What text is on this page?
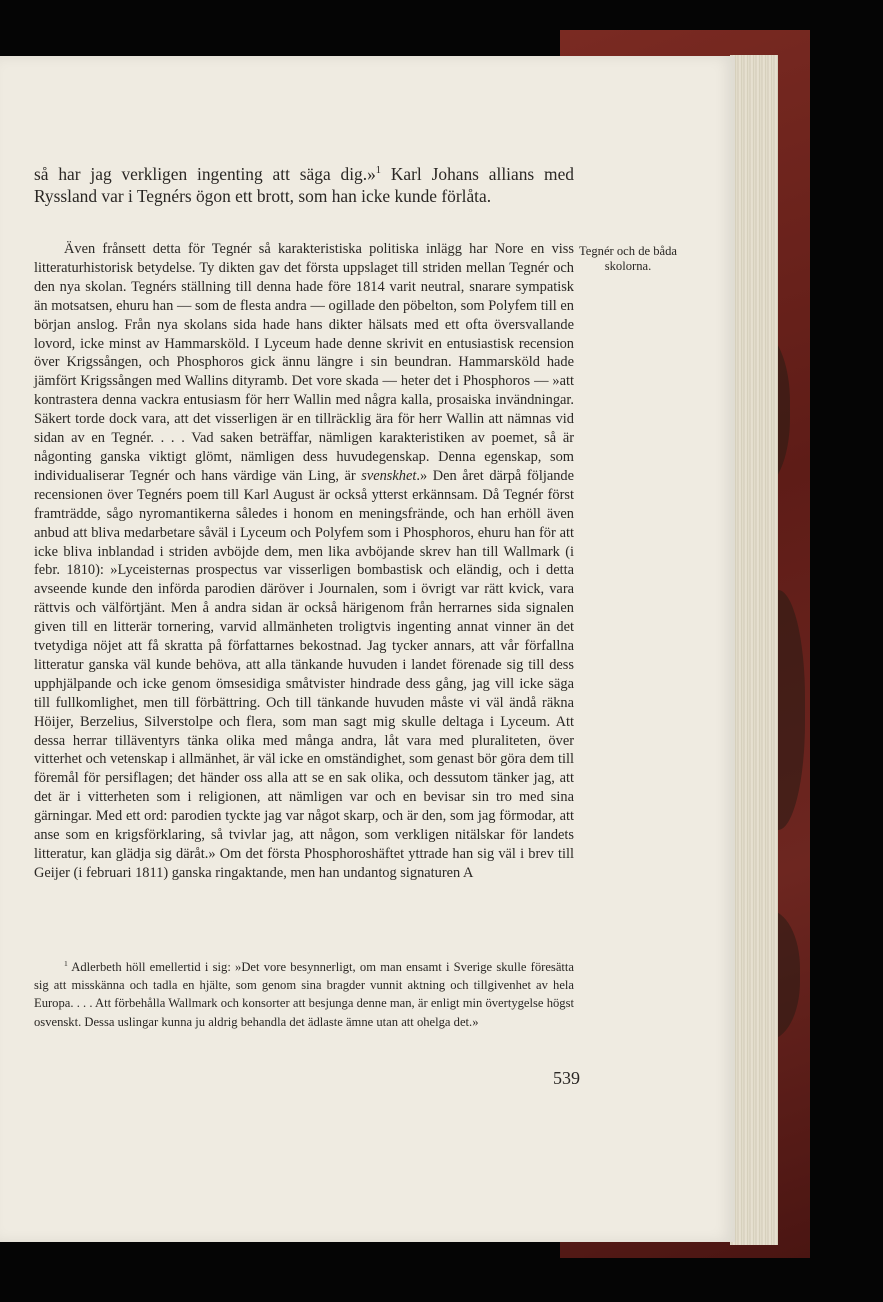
så har jag verkligen ingenting att säga dig.»$^1$ Karl Johans allians med Ryssland var i Tegnérs ögon ett brott, som han icke kunde förlåta.

Även frånsett detta för Tegnér så karakteristiska politiska inlägg har Nore en viss litteraturhistorisk betydelse. Ty dikten gav det första uppslaget till striden mellan Tegnér och den nya skolan. Tegnérs ställning till denna hade före 1814 varit neutral, snarare sympatisk än motsatsen, ehuru han — som de flesta andra — ogillade den pöbelton, som Polyfem till en början anslog. Från nya skolans sida hade hans dikter hälsats med ett ofta översvallande lovord, icke minst av Hammarsköld. I Lyceum hade denne skrivit en entusiastisk recension över Krigssången, och Phosphoros gick ännu längre i sin beundran. Hammarsköld hade jämfört Krigssången med Wallins dityramb. Det vore skada — heter det i Phosphoros — »att kontrastera denna vackra entusiasm för herr Wallin med några kalla, prosaiska invändningar. Säkert torde dock vara, att det visserligen är en tillräcklig ära för herr Wallin att nämnas vid sidan av en Tegnér. . . . Vad saken beträffar, nämligen karakteristiken av poemet, så är någonting ganska viktigt glömt, nämligen dess huvudegenskap. Denna egenskap, som individualiserar Tegnér och hans värdige vän Ling, är svenskhet.» Den året därpå följande recensionen över Tegnérs poem till Karl August är också ytterst erkännsam. Då Tegnér först framträdde, sågo nyromantikerna således i honom en meningsfrände, och han erhöll även anbud att bliva medarbetare såväl i Lyceum och Polyfem som i Phosphoros, ehuru han för att icke bliva inblandad i striden avböjde dem, men lika avböjande skrev han till Wallmark (i febr. 1810): »Lyceisternas prospectus var visserligen bombastisk och eländig, och i detta avseende kunde den införda parodien däröver i Journalen, som i övrigt var rätt kvick, vara rättvis och välförtjänt. Men å andra sidan är också härigenom från herrarnes sida signalen given till en litterär tornering, varvid allmänheten troligtvis ingenting annat vinner än det tvetydiga nöjet att få skratta på författarnes bekostnad. Jag tycker annars, att vår förfallna litteratur ganska väl kunde behöva, att alla tänkande huvuden i landet förenade sig till dess upphjälpande och icke genom ömsesidiga småtvister hindrade dess gång, jag vill icke säga till fullkomlighet, men till förbättring. Och till tänkande huvuden måste vi väl ändå räkna Höijer, Berzelius, Silverstolpe och flera, som man sagt mig skulle deltaga i Lyceum. Att dessa herrar tilläventyrs tänka olika med många andra, låt vara med pluraliteten, över vitterhet och vetenskap i allmänhet, är väl icke en omständighet, som genast bör göra dem till föremål för persiflagen; det händer oss alla att se en sak olika, och dessutom tänker jag, att det är i vitterheten som i religionen, att nämligen var och en bevisar sin tro med sina gärningar. Med ett ord: parodien tyckte jag var något skarp, och är den, som jag förmodar, att anse som en krigsförklaring, så tvivlar jag, att någon, som verkligen nitälskar för landets litteratur, kan glädja sig däråt.» Om det första Phosphoroshäftet yttrade han sig väl i brev till Geijer (i februari 1811) ganska ringaktande, men han undantog signaturen A

Tegnér och de båda skolorna.

$^1$ Adlerbeth höll emellertid i sig: »Det vore besynnerligt, om man ensamt i Sverige skulle föresätta sig att misskänna och tadla en hjälte, som genom sina bragder vunnit aktning och tillgivenhet av hela Europa. . . . Att förbehålla Wallmark och konsorter att besjunga denne man, är enligt min övertygelse högst osvenskt. Dessa uslingar kunna ju aldrig behandla det ädlaste ämne utan att ohelga det.»

539
